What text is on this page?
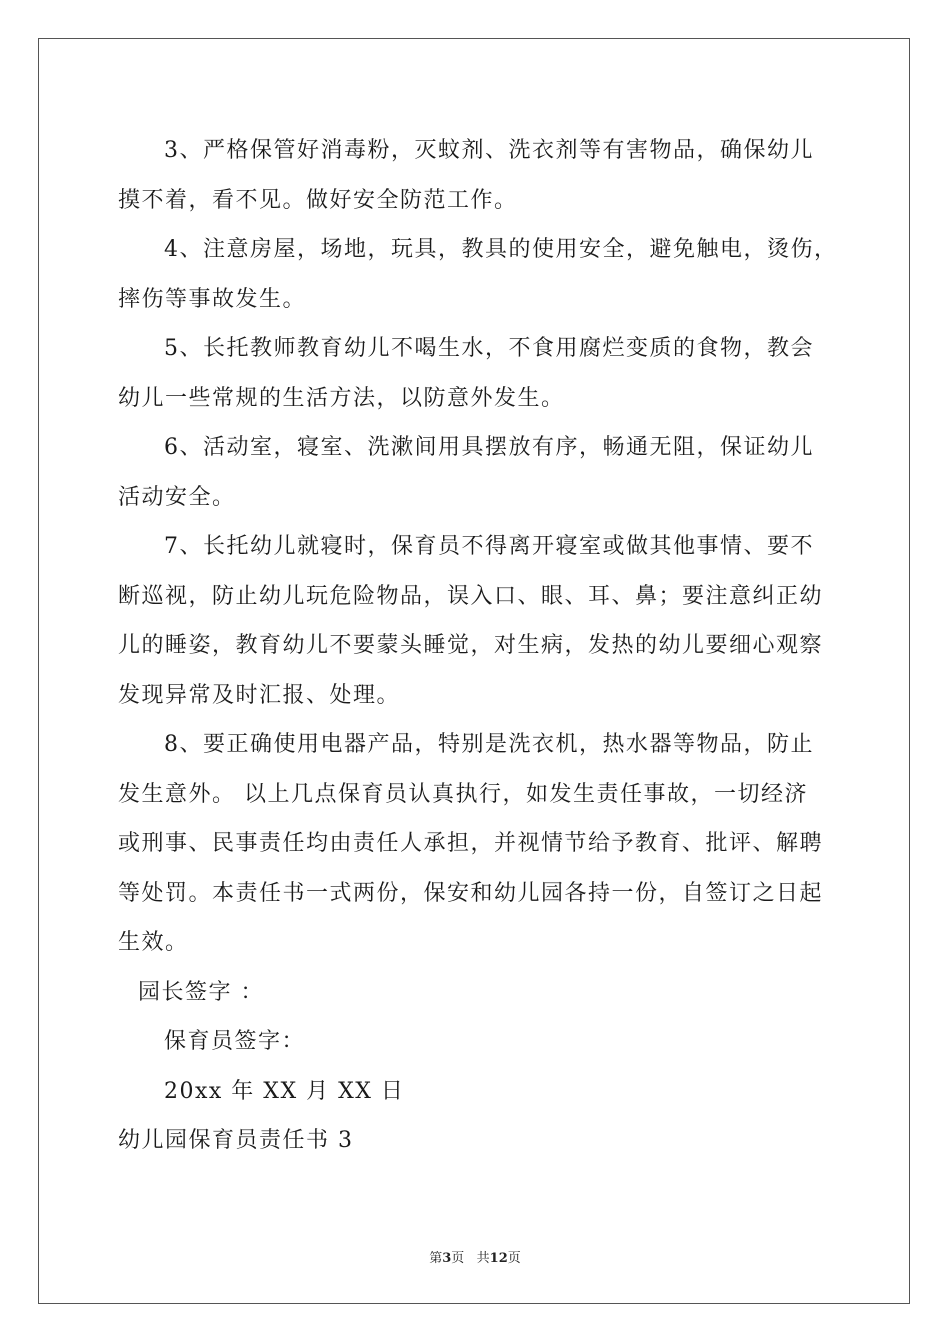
3、严格保管好消毒粉，灭蚊剂、洗衣剂等有害物品，确保幼儿
摸不着，看不见。做好安全防范工作。
4、注意房屋，场地，玩具，教具的使用安全，避免触电，烫伤，
摔伤等事故发生。
5、长托教师教育幼儿不喝生水，不食用腐烂变质的食物，教会
幼儿一些常规的生活方法，以防意外发生。
6、活动室，寝室、洗漱间用具摆放有序，畅通无阻，保证幼儿
活动安全。
7、长托幼儿就寝时，保育员不得离开寝室或做其他事情、要不
断巡视，防止幼儿玩危险物品，误入口、眼、耳、鼻；要注意纠正幼
儿的睡姿，教育幼儿不要蒙头睡觉，对生病，发热的幼儿要细心观察
发现异常及时汇报、处理。
8、要正确使用电器产品，特别是洗衣机，热水器等物品，防止
发生意外。 以上几点保育员认真执行，如发生责任事故，一切经济
或刑事、民事责任均由责任人承担，并视情节给予教育、批评、解聘
等处罚。本责任书一式两份，保安和幼儿园各持一份，自签订之日起
生效。
园长签字 ：
保育员签字：
20xx 年 XX 月 XX 日
幼儿园保育员责任书 3
第3页   共12页
